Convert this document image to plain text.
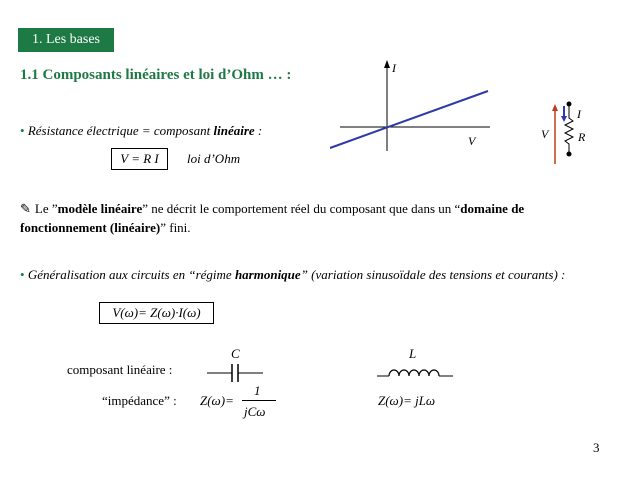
1. Les bases
1.1 Composants linéaires et loi d’Ohm … :
• Résistance électrique = composant linéaire :
V = R I	loi d’Ohm
V
I
I
V R
✎ Le ”modèle linéaire” ne décrit le comportement réel du composant que dans un “domaine de fonctionnement (linéaire)” fini.
• Généralisation aux circuits en “régime harmonique” (variation sinusoïdale des tensions et courants) :
V(ω)= Z(ω)·I(ω)
composant linéaire :
“impédance” :
C
Z(ω)=
1
jCω
L
Z(ω)= jLω
3
